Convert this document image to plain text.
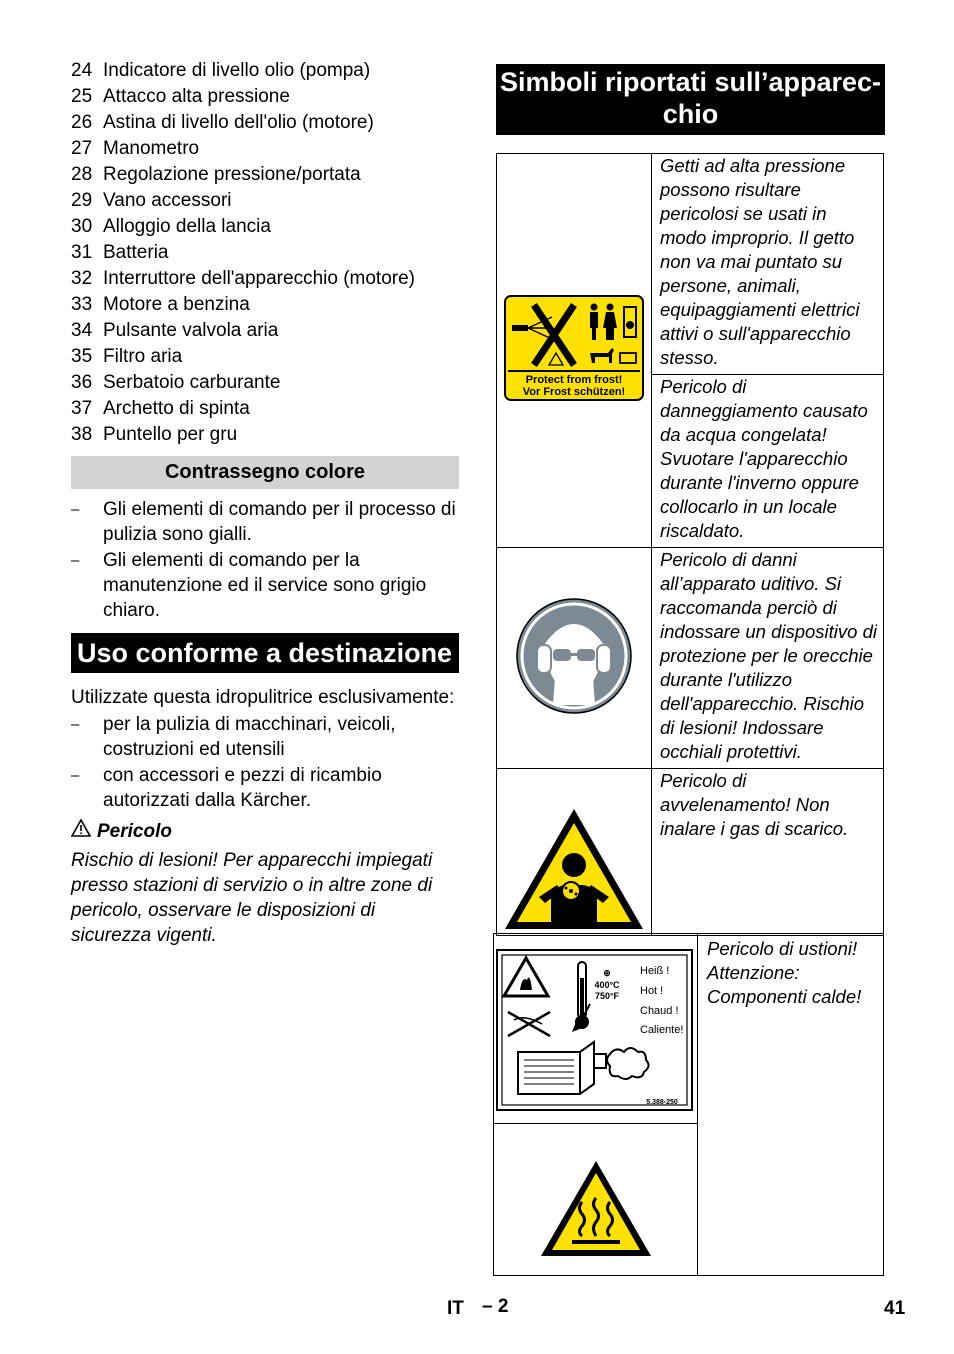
24 Indicatore di livello olio (pompa)
25 Attacco alta pressione
26 Astina di livello dell'olio (motore)
27 Manometro
28 Regolazione pressione/portata
29 Vano accessori
30 Alloggio della lancia
31 Batteria
32 Interruttore dell'apparecchio (motore)
33 Motore a benzina
34 Pulsante valvola aria
35 Filtro aria
36 Serbatoio carburante
37 Archetto di spinta
38 Puntello per gru
Contrassegno colore
– Gli elementi di comando per il processo di pulizia sono gialli.
– Gli elementi di comando per la manutenzione ed il service sono grigio chiaro.
Uso conforme a destinazione

Utilizzate questa idropulitrice esclusivamente:

– per la pulizia di macchinari, veicoli, costruzioni ed utensili
– con accessori e pezzi di ricambio autorizzati dalla Kärcher.
Pericolo

Rischio di lesioni! Per apparecchi impiegati presso stazioni di servizio o in altre zone di pericolo, osservare le disposizioni di sicurezza vigenti.

Simboli riportati sull’apparec-
chio
Protect from frost!
Vor Frost schützen!	Getti ad alta pressione possono risultare pericolosi se usati in modo improprio. Il getto non va mai puntato su persone, animali, equipaggiamenti elettrici attivi o sull'apparecchio stesso.

	Pericolo di danneggiamento causato da acqua congelata! Svuotare l'apparecchio durante l'inverno oppure collocarlo in un locale riscaldato.

Pericolo di danni all’apparato uditivo. Si raccomanda perciò di indossare un dispositivo di protezione per le orecchie durante l'utilizzo dell'apparecchio. Rischio di lesioni! Indossare occhiali protettivi.

Pericolo di avvelenamento! Non inalare i gas di scarico.
⊕
400°C
750°F
Heiß !
Hot !
Chaud !
Caliente!
5.388-250

Pericolo di ustioni! Attenzione: Componenti calde!

IT – 2	41
